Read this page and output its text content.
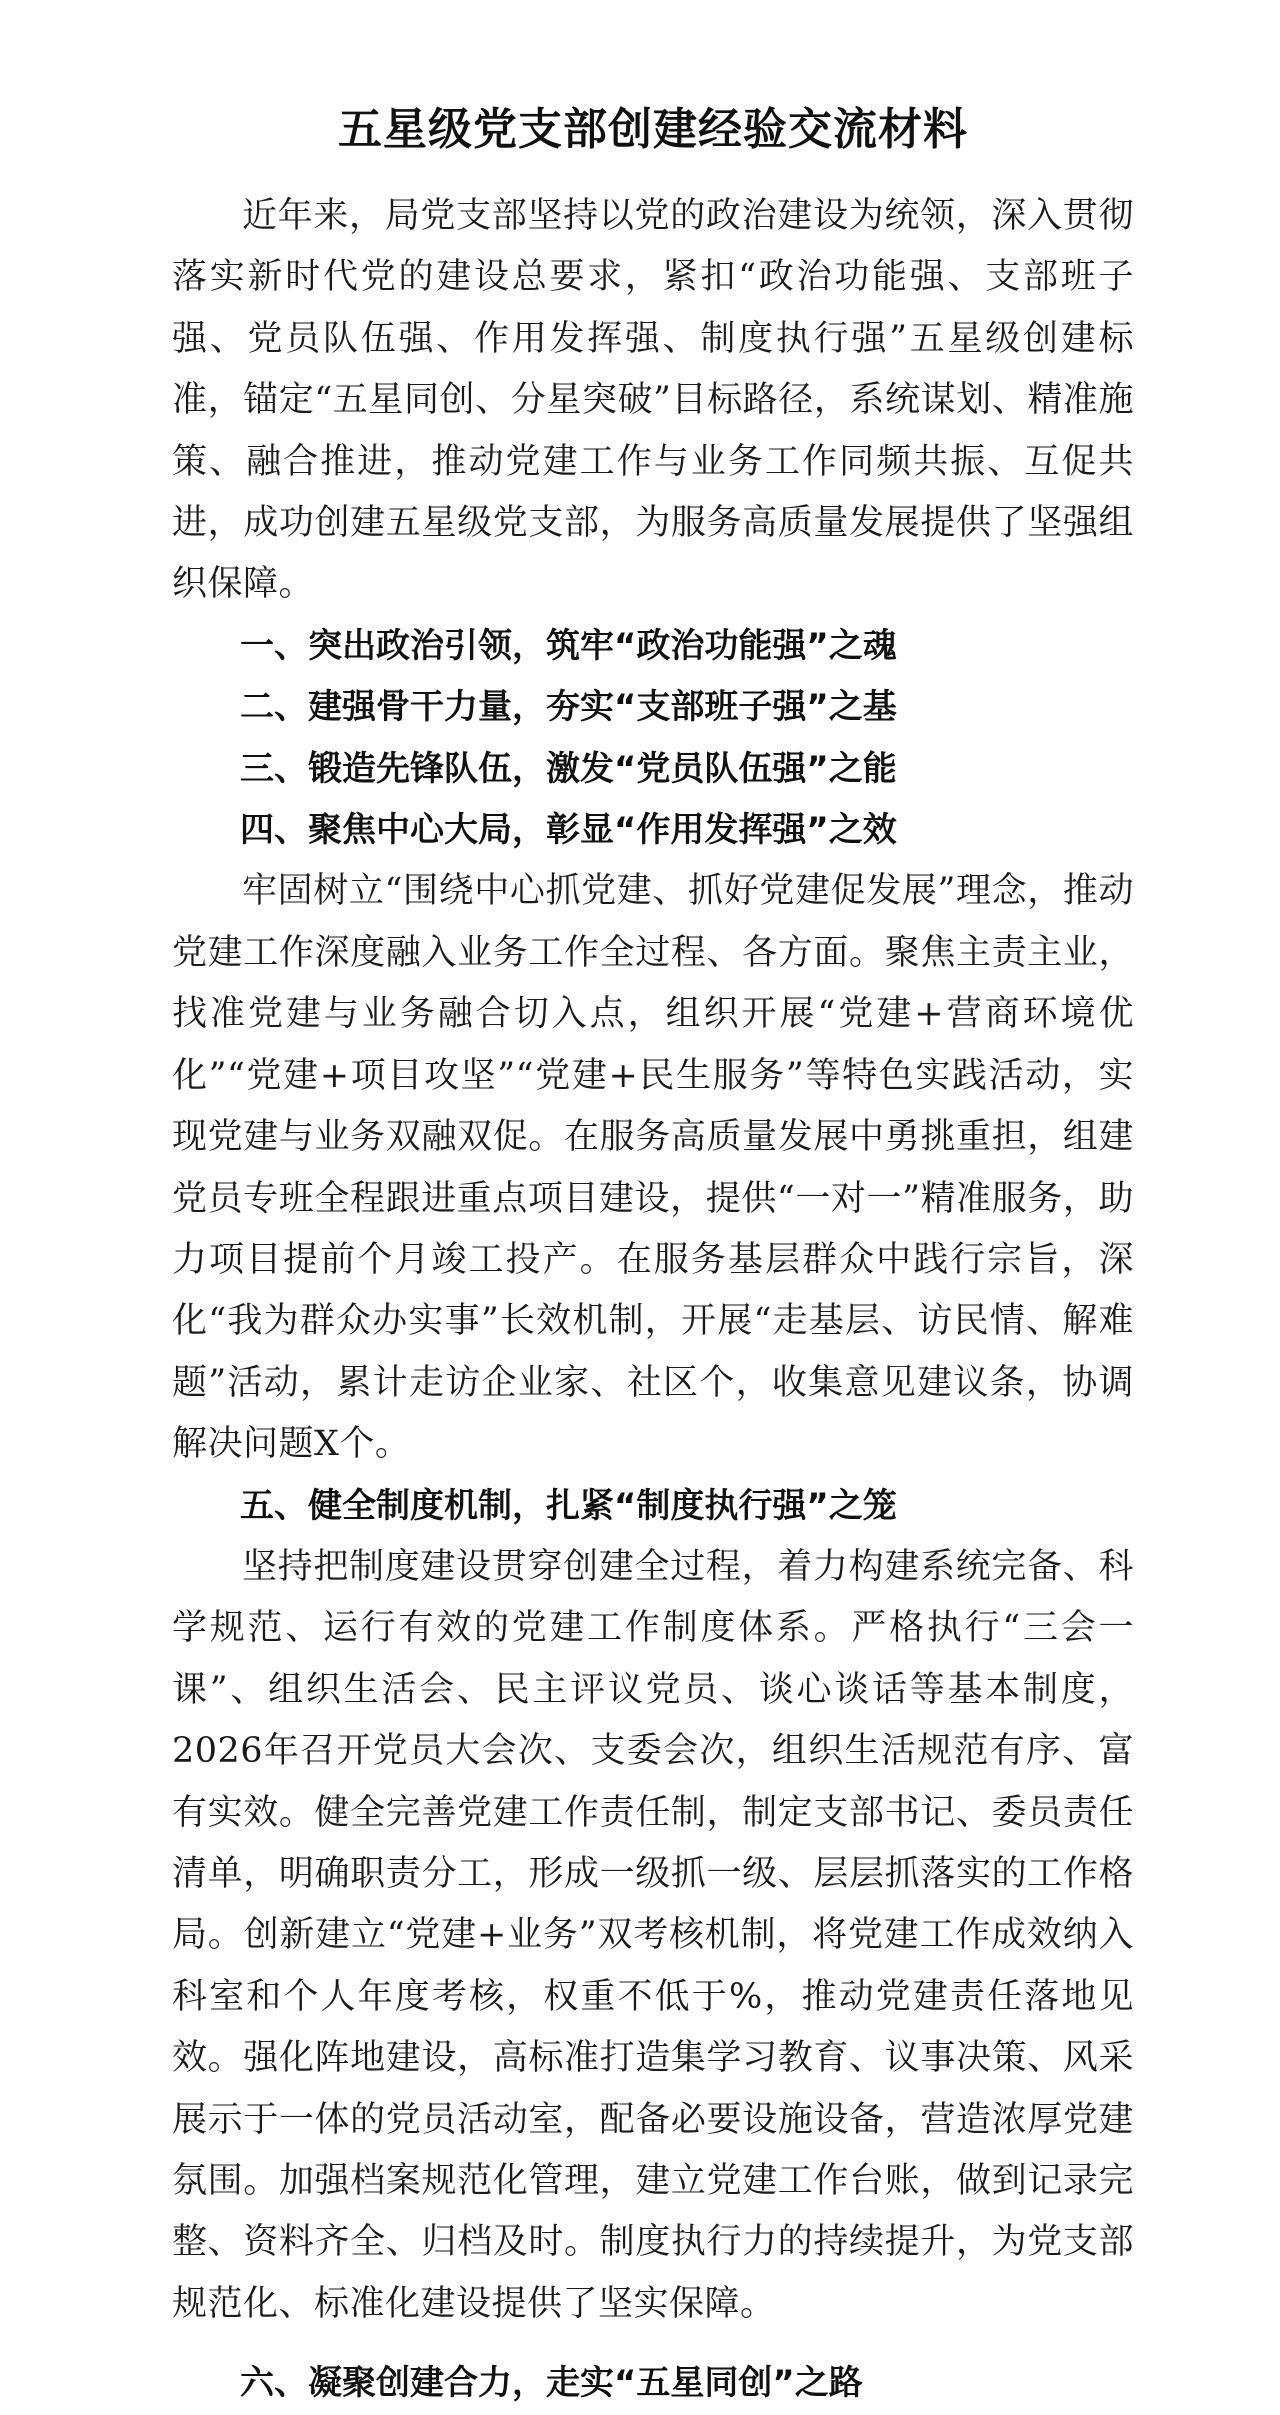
五星级党支部创建经验交流材料

近年来，局党支部坚持以党的政治建设为统领，深入贯彻落实新时代党的建设总要求，紧扣“政治功能强、支部班子强、党员队伍强、作用发挥强、制度执行强”五星级创建标准，锚定“五星同创、分星突破”目标路径，系统谋划、精准施策、融合推进，推动党建工作与业务工作同频共振、互促共进，成功创建五星级党支部，为服务高质量发展提供了坚强组织保障。

一、突出政治引领，筑牢“政治功能强”之魂
二、建强骨干力量，夯实“支部班子强”之基
三、锻造先锋队伍，激发“党员队伍强”之能
四、聚焦中心大局，彰显“作用发挥强”之效

牢固树立“围绕中心抓党建、抓好党建促发展”理念，推动党建工作深度融入业务工作全过程、各方面。聚焦主责主业，找准党建与业务融合切入点，组织开展“党建+营商环境优化”“党建+项目攻坚”“党建+民生服务”等特色实践活动，实现党建与业务双融双促。在服务高质量发展中勇挑重担，组建党员专班全程跟进重点项目建设，提供“一对一”精准服务，助力项目提前个月竣工投产。在服务基层群众中践行宗旨，深化“我为群众办实事”长效机制，开展“走基层、访民情、解难题”活动，累计走访企业家、社区个，收集意见建议条，协调解决问题X个。

五、健全制度机制，扎紧“制度执行强”之笼

坚持把制度建设贯穿创建全过程，着力构建系统完备、科学规范、运行有效的党建工作制度体系。严格执行“三会一课”、组织生活会、民主评议党员、谈心谈话等基本制度，2026年召开党员大会次、支委会次，组织生活规范有序、富有实效。健全完善党建工作责任制，制定支部书记、委员责任清单，明确职责分工，形成一级抓一级、层层抓落实的工作格局。创新建立“党建+业务”双考核机制，将党建工作成效纳入科室和个人年度考核，权重不低于%，推动党建责任落地见效。强化阵地建设，高标准打造集学习教育、议事决策、风采展示于一体的党员活动室，配备必要设施设备，营造浓厚党建氛围。加强档案规范化管理，建立党建工作台账，做到记录完整、资料齐全、归档及时。制度执行力的持续提升，为党支部规范化、标准化建设提供了坚实保障。

六、凝聚创建合力，走实“五星同创”之路
